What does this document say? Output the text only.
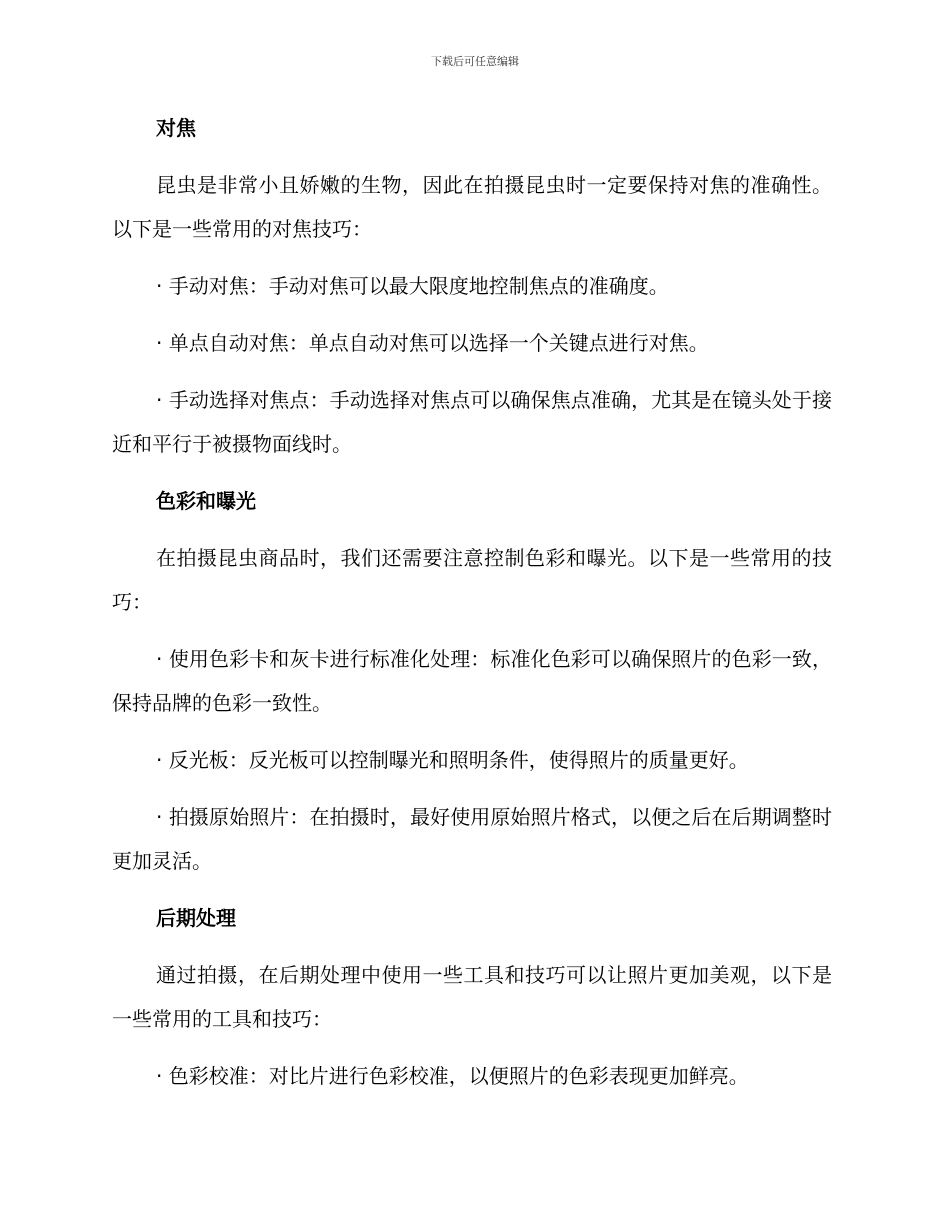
下载后可任意编辑
对焦

昆虫是非常小且娇嫩的生物，因此在拍摄昆虫时一定要保持对焦的准确性。以下是一些常用的对焦技巧：

· 手动对焦：手动对焦可以最大限度地控制焦点的准确度。

· 单点自动对焦：单点自动对焦可以选择一个关键点进行对焦。

· 手动选择对焦点：手动选择对焦点可以确保焦点准确，尤其是在镜头处于接近和平行于被摄物面线时。

色彩和曝光

在拍摄昆虫商品时，我们还需要注意控制色彩和曝光。以下是一些常用的技巧：

· 使用色彩卡和灰卡进行标准化处理：标准化色彩可以确保照片的色彩一致，保持品牌的色彩一致性。

· 反光板：反光板可以控制曝光和照明条件，使得照片的质量更好。

· 拍摄原始照片：在拍摄时，最好使用原始照片格式，以便之后在后期调整时更加灵活。

后期处理

通过拍摄，在后期处理中使用一些工具和技巧可以让照片更加美观，以下是一些常用的工具和技巧：

· 色彩校准：对比片进行色彩校准，以便照片的色彩表现更加鲜亮。
